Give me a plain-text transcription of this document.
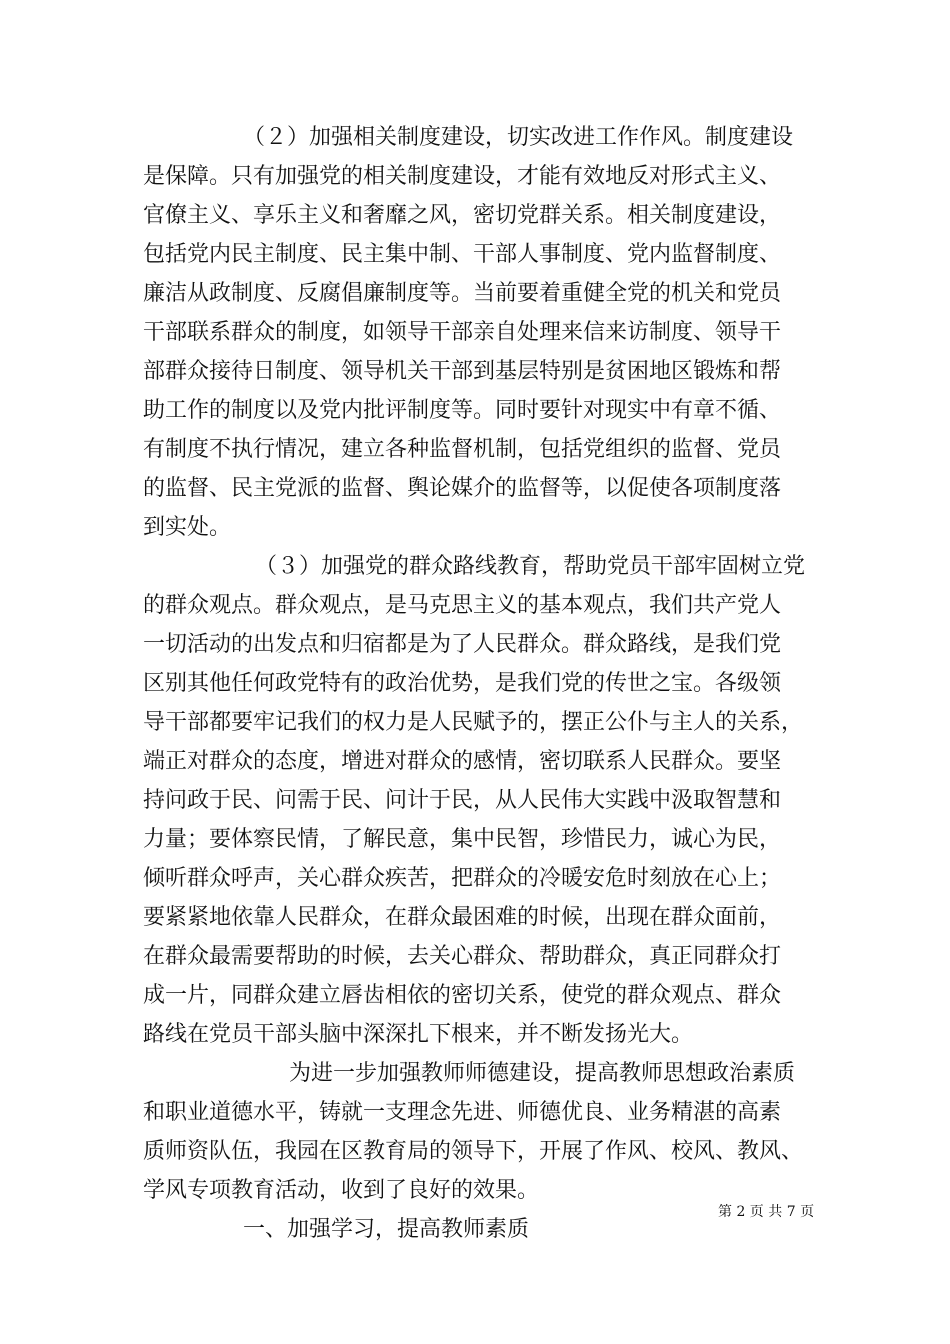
（２）加强相关制度建设，切实改进工作作风。制度建设
是保障。只有加强党的相关制度建设，才能有效地反对形式主义、
官僚主义、享乐主义和奢靡之风，密切党群关系。相关制度建设，
包括党内民主制度、民主集中制、干部人事制度、党内监督制度、
廉洁从政制度、反腐倡廉制度等。当前要着重健全党的机关和党员
干部联系群众的制度，如领导干部亲自处理来信来访制度、领导干
部群众接待日制度、领导机关干部到基层特别是贫困地区锻炼和帮
助工作的制度以及党内批评制度等。同时要针对现实中有章不循、
有制度不执行情况，建立各种监督机制，包括党组织的监督、党员
的监督、民主党派的监督、舆论媒介的监督等，以促使各项制度落
到实处。
（３）加强党的群众路线教育，帮助党员干部牢固树立党
的群众观点。群众观点，是马克思主义的基本观点，我们共产党人
一切活动的出发点和归宿都是为了人民群众。群众路线，是我们党
区别其他任何政党特有的政治优势，是我们党的传世之宝。各级领
导干部都要牢记我们的权力是人民赋予的，摆正公仆与主人的关系，
端正对群众的态度，增进对群众的感情，密切联系人民群众。要坚
持问政于民、问需于民、问计于民，从人民伟大实践中汲取智慧和
力量；要体察民情，了解民意，集中民智，珍惜民力，诚心为民，
倾听群众呼声，关心群众疾苦，把群众的冷暖安危时刻放在心上；
要紧紧地依靠人民群众，在群众最困难的时候，出现在群众面前，
在群众最需要帮助的时候，去关心群众、帮助群众，真正同群众打
成一片，同群众建立唇齿相依的密切关系，使党的群众观点、群众
路线在党员干部头脑中深深扎下根来，并不断发扬光大。
为进一步加强教师师德建设，提高教师思想政治素质
和职业道德水平，铸就一支理念先进、师德优良、业务精湛的高素
质师资队伍，我园在区教育局的领导下，开展了作风、校风、教风、
学风专项教育活动，收到了良好的效果。
一、加强学习，提高教师素质
第 2 页 共 7 页
